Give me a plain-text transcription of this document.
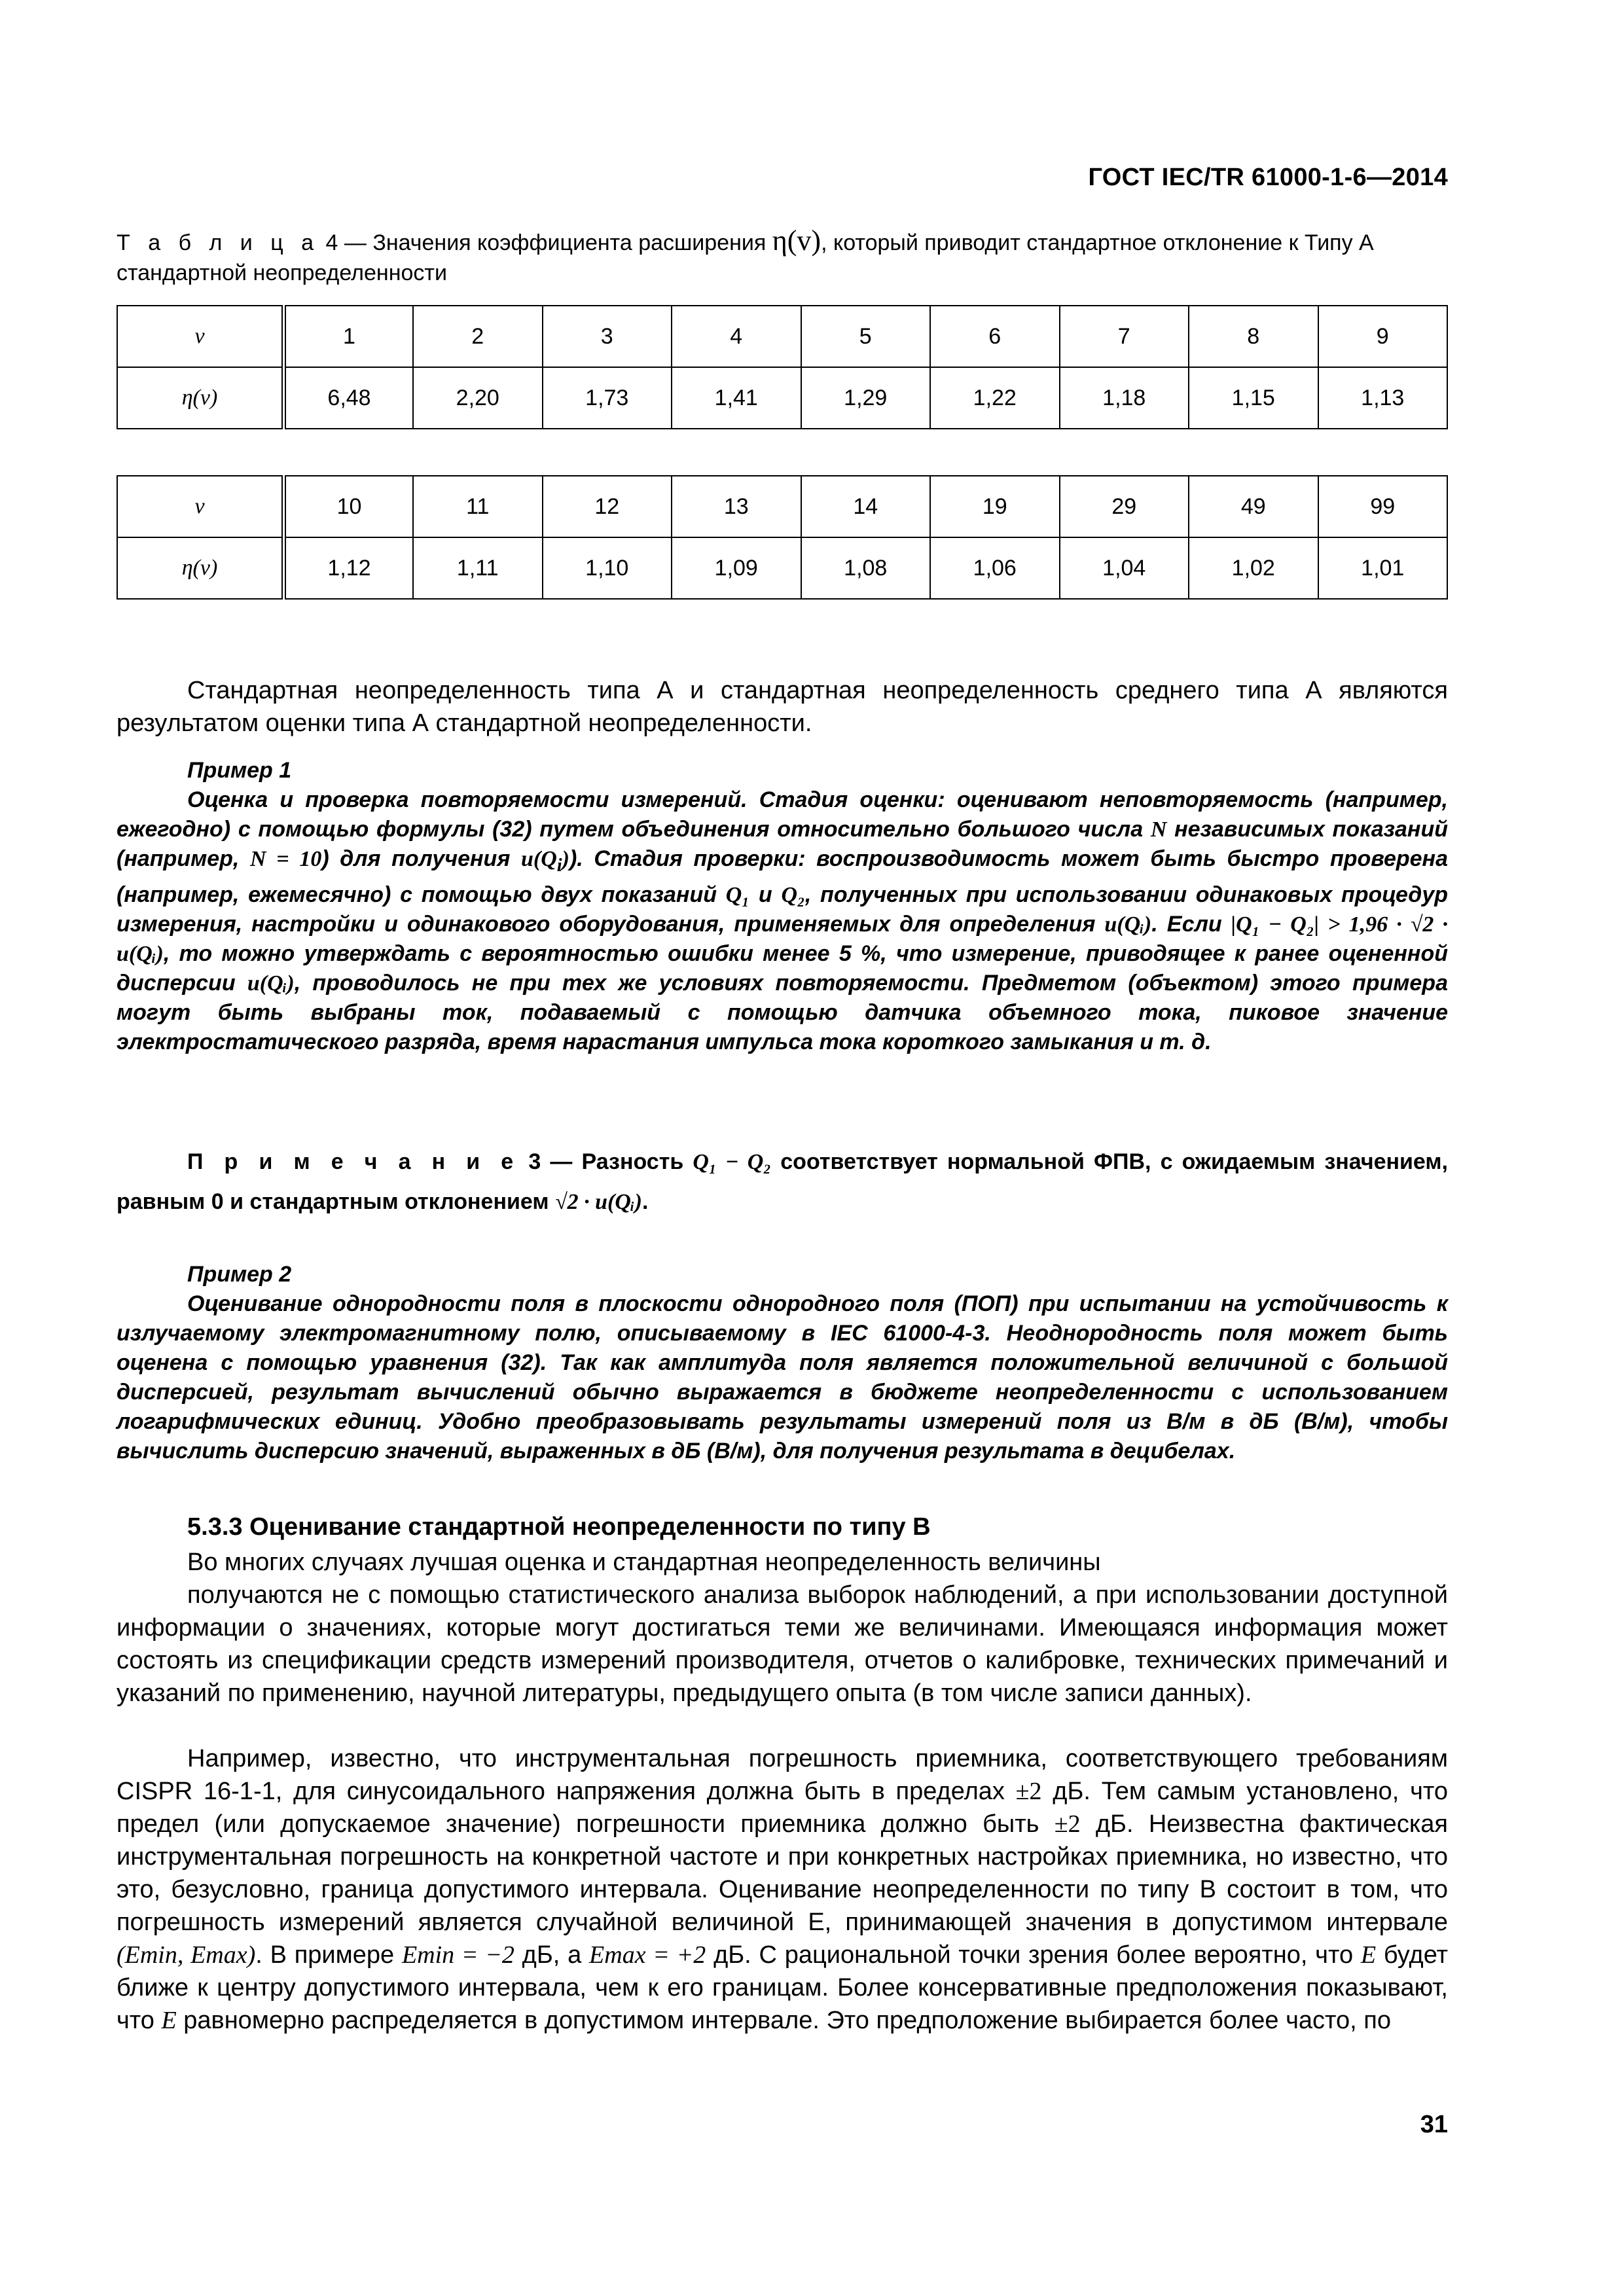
ГОСТ IEC/TR 61000-1-6—2014
Т а б л и ц а 4 — Значения коэффициента расширения η(v), который приводит стандартное отклонение к Типу А стандартной неопределенности
v	1	2	3	4	5	6	7	8	9
η(v)	6,48	2,20	1,73	1,41	1,29	1,22	1,18	1,15	1,13
v	10	11	12	13	14	19	29	49	99
η(v)	1,12	1,11	1,10	1,09	1,08	1,06	1,04	1,02	1,01

Стандартная неопределенность типа А и стандартная неопределенность среднего типа А являются результатом оценки типа А стандартной неопределенности.

Пример 1

Оценка и проверка повторяемости измерений. Стадия оценки: оценивают неповторяемость (например, ежегодно) с помощью формулы (32) путем объединения относительно большого числа N независимых показаний (например, N = 10) для получения $u(Q_i)$). Стадия проверки: воспроизводимость может быть быстро проверена (например, ежемесячно) с помощью двух показаний Q₁ и Q₂, полученных при использовании одинаковых процедур измерения, настройки и одинакового оборудования, применяемых для определения u(Qᵢ). Если |Q₁ − Q₂| > 1,96 · √2 · u(Qᵢ), то можно утверждать с вероятностью ошибки менее 5 %, что измерение, приводящее к ранее оцененной дисперсии u(Qᵢ), проводилось не при тех же условиях повторяемости. Предметом (объектом) этого примера могут быть выбраны ток, подаваемый с помощью датчика объемного тока, пиковое значение электростатического разряда, время нарастания импульса тока короткого замыкания и т. д.

П р и м е ч а н и е 3 — Разность Q₁ − Q₂ соответствует нормальной ФПВ, с ожидаемым значением, равным 0 и стандартным отклонением √2 · u(Qᵢ).

Пример 2

Оценивание однородности поля в плоскости однородного поля (ПОП) при испытании на устойчивость к излучаемому электромагнитному полю, описываемому в IEC 61000-4-3. Неоднородность поля может быть оценена с помощью уравнения (32). Так как амплитуда поля является положительной величиной с большой дисперсией, результат вычислений обычно выражается в бюджете неопределенности с использованием логарифмических единиц. Удобно преобразовывать результаты измерений поля из В/м в дБ (В/м), чтобы вычислить дисперсию значений, выраженных в дБ (В/м), для получения результата в децибелах.

5.3.3 Оценивание стандартной неопределенности по типу В

Во многих случаях лучшая оценка и стандартная неопределенность величины

получаются не с помощью статистического анализа выборок наблюдений, а при использовании доступной информации о значениях, которые могут достигаться теми же величинами. Имеющаяся информация может состоять из спецификации средств измерений производителя, отчетов о калибровке, технических примечаний и указаний по применению, научной литературы, предыдущего опыта (в том числе записи данных).

Например, известно, что инструментальная погрешность приемника, соответствующего требованиям CISPR 16-1-1, для синусоидального напряжения должна быть в пределах ±2 дБ. Тем самым установлено, что предел (или допускаемое значение) погрешности приемника должно быть ±2 дБ. Неизвестна фактическая инструментальная погрешность на конкретной частоте и при конкретных настройках приемника, но известно, что это, безусловно, граница допустимого интервала. Оценивание неопределенности по типу В состоит в том, что погрешность измерений является случайной величиной Е, принимающей значения в допустимом интервале (Emin, Emax). В примере Emin = −2 дБ, а Emax = +2 дБ. С рациональной точки зрения более вероятно, что E будет ближе к центру допустимого интервала, чем к его границам. Более консервативные предположения показывают, что E равномерно распределяется в допустимом интервале. Это предположение выбирается более часто, по

31
